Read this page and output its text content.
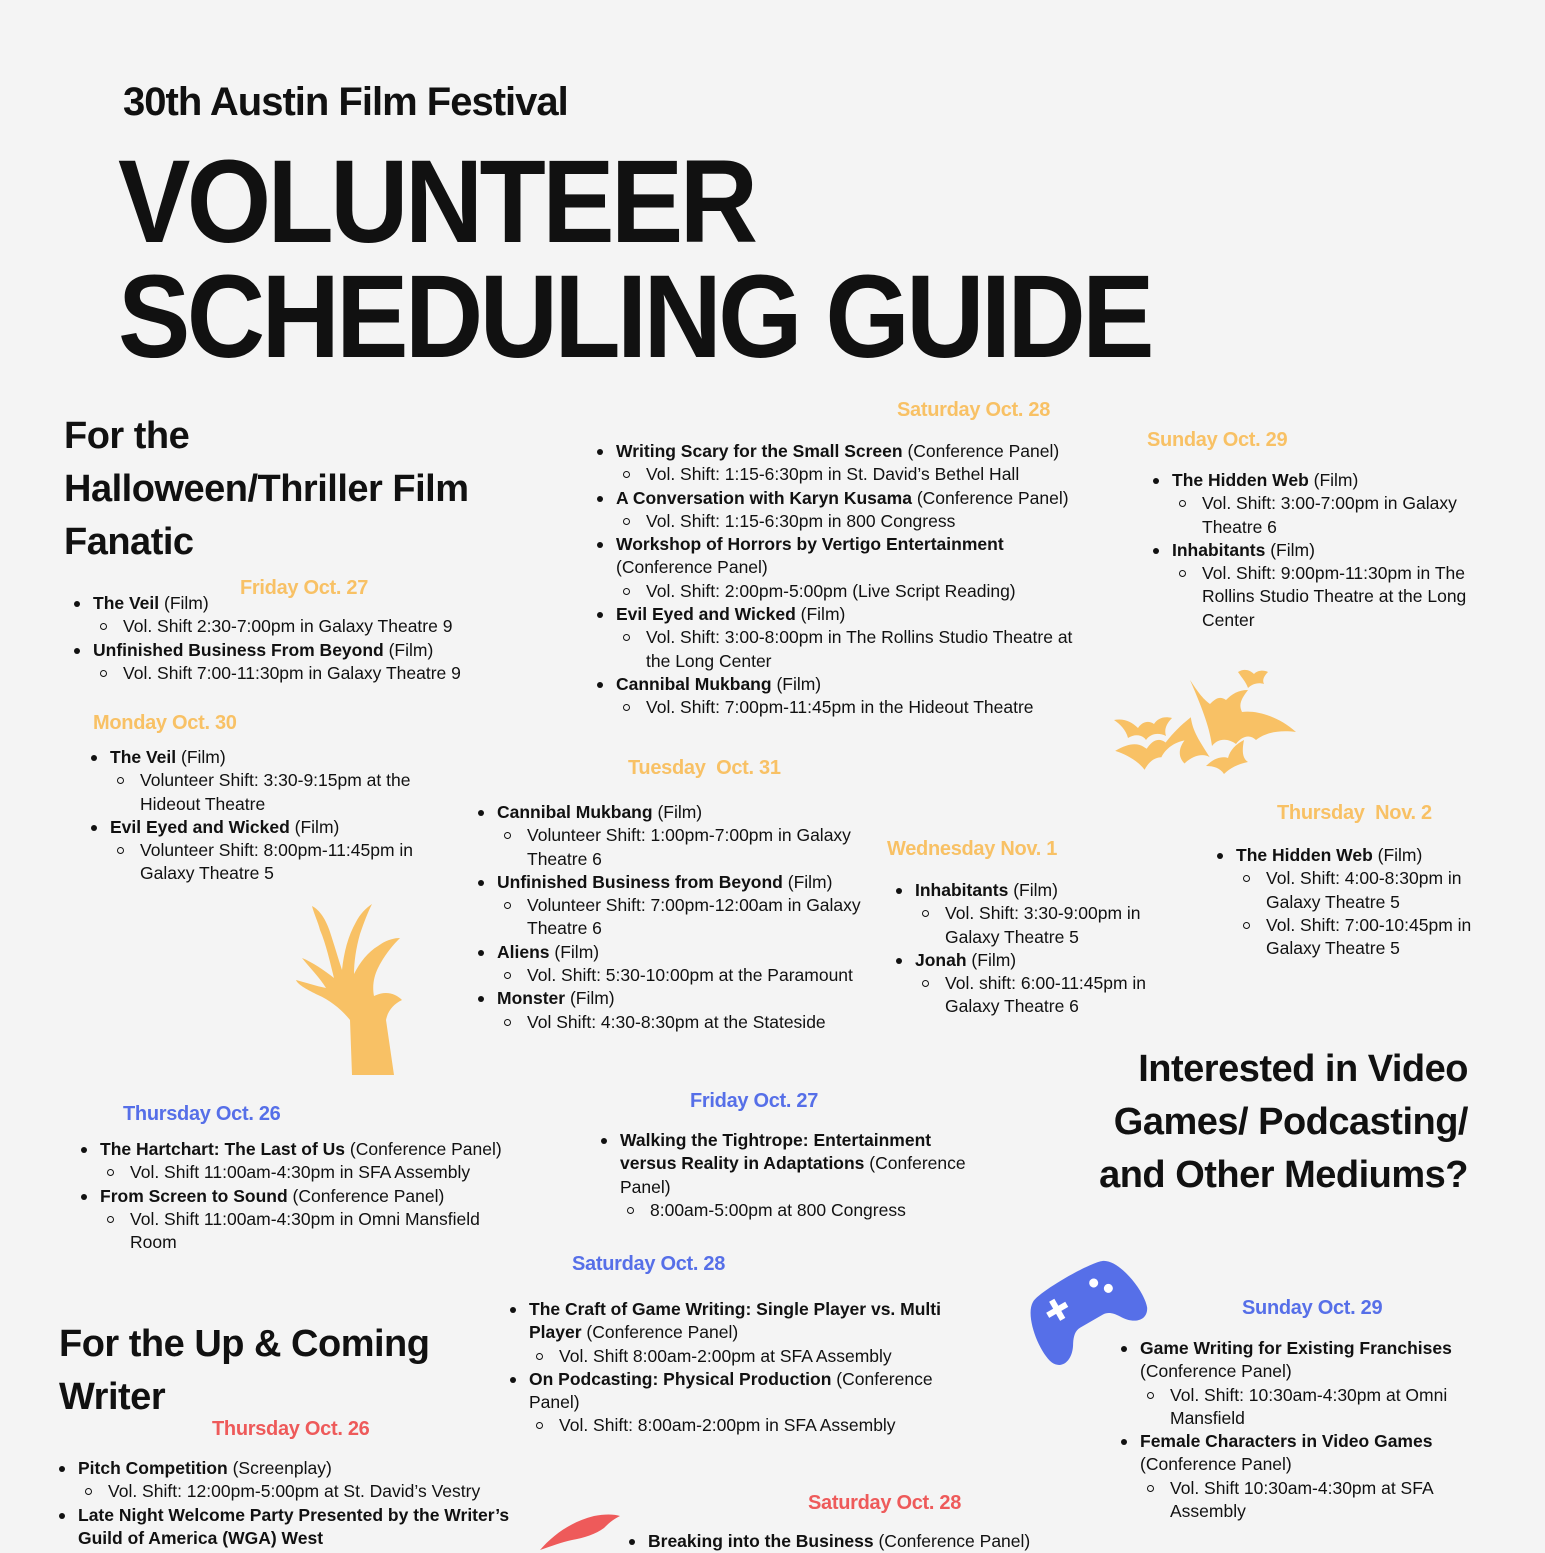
30th Austin Film Festival
VOLUNTEER
SCHEDULING GUIDE
For the
Halloween/Thriller Film
Fanatic
Friday Oct. 27
The Veil (Film)
Vol. Shift 2:30-7:00pm in Galaxy Theatre 9
Unfinished Business From Beyond (Film)
Vol. Shift 7:00-11:30pm in Galaxy Theatre 9
Monday Oct. 30
The Veil (Film)
Volunteer Shift: 3:30-9:15pm at the Hideout Theatre
Evil Eyed and Wicked (Film)
Volunteer Shift: 8:00pm-11:45pm in Galaxy Theatre 5
Saturday Oct. 28
Writing Scary for the Small Screen (Conference Panel)
Vol. Shift: 1:15-6:30pm in St. David’s Bethel Hall
A Conversation with Karyn Kusama (Conference Panel)
Vol. Shift: 1:15-6:30pm in 800 Congress
Workshop of Horrors by Vertigo Entertainment (Conference Panel)
Vol. Shift: 2:00pm-5:00pm (Live Script Reading)
Evil Eyed and Wicked (Film)
Vol. Shift: 3:00-8:00pm in The Rollins Studio Theatre at the Long Center
Cannibal Mukbang (Film)
Vol. Shift: 7:00pm-11:45pm in the Hideout Theatre
Sunday Oct. 29
The Hidden Web (Film)
Vol. Shift: 3:00-7:00pm in Galaxy Theatre 6
Inhabitants (Film)
Vol. Shift: 9:00pm-11:30pm in The Rollins Studio Theatre at the Long Center
Tuesday  Oct. 31
Cannibal Mukbang (Film)
Volunteer Shift: 1:00pm-7:00pm in Galaxy Theatre 6
Unfinished Business from Beyond (Film)
Volunteer Shift: 7:00pm-12:00am in Galaxy Theatre 6
Aliens (Film)
Vol. Shift: 5:30-10:00pm at the Paramount
Monster (Film)
Vol Shift: 4:30-8:30pm at the Stateside
Wednesday Nov. 1
Inhabitants (Film)
Vol. Shift: 3:30-9:00pm in Galaxy Theatre 5
Jonah (Film)
Vol. shift: 6:00-11:45pm in Galaxy Theatre 6
Thursday  Nov. 2
The Hidden Web (Film)
Vol. Shift: 4:00-8:30pm in Galaxy Theatre 5
Vol. Shift: 7:00-10:45pm in Galaxy Theatre 5
Interested in Video
Games/ Podcasting/
and Other Mediums?
Thursday Oct. 26
The Hartchart: The Last of Us (Conference Panel)
Vol. Shift 11:00am-4:30pm in SFA Assembly
From Screen to Sound (Conference Panel)
Vol. Shift 11:00am-4:30pm in Omni Mansfield Room
Friday Oct. 27
Walking the Tightrope: Entertainment versus Reality in Adaptations (Conference Panel)
8:00am-5:00pm at 800 Congress
Saturday Oct. 28
The Craft of Game Writing: Single Player vs. Multi Player (Conference Panel)
Vol. Shift 8:00am-2:00pm at SFA Assembly
On Podcasting: Physical Production (Conference Panel)
Vol. Shift: 8:00am-2:00pm in SFA Assembly
Sunday Oct. 29
Game Writing for Existing Franchises (Conference Panel)
Vol. Shift: 10:30am-4:30pm at Omni Mansfield
Female Characters in Video Games (Conference Panel)
Vol. Shift 10:30am-4:30pm at SFA Assembly
For the Up & Coming
Writer
Thursday Oct. 26
Pitch Competition (Screenplay)
Vol. Shift: 12:00pm-5:00pm at St. David’s Vestry
Late Night Welcome Party Presented by the Writer’s Guild of America (WGA) West
Saturday Oct. 28
Breaking into the Business (Conference Panel)
